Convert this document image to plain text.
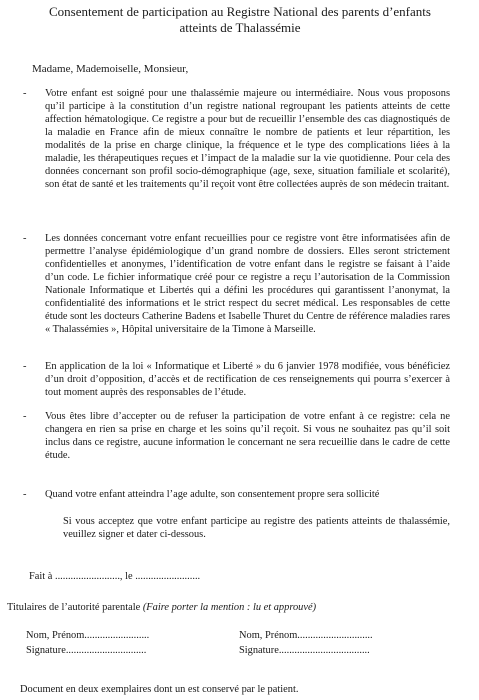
Consentement de participation au Registre National des parents d’enfants
atteints de Thalassémie
Madame, Mademoiselle, Monsieur,
- Votre enfant est soigné pour une thalassémie majeure ou intermédiaire. Nous vous proposons qu’il participe à la constitution d’un registre national regroupant les patients atteints de cette affection hématologique. Ce registre a pour but de recueillir l’ensemble des cas diagnostiqués de la maladie en France afin de mieux connaître le nombre de patients et leur répartition, les modalités de la prise en charge clinique, la fréquence et le type des complications liées à la maladie, les thérapeutiques reçues et l’impact de la maladie sur la vie quotidienne. Pour cela des données concernant son profil socio-démographique (age, sexe, situation familiale et scolarité), son état de santé et les traitements qu’il reçoit vont être collectées auprès de son médecin traitant.

- Les données concernant votre enfant recueillies pour ce registre vont être informatisées afin de permettre l’analyse épidémiologique d’un grand nombre de dossiers. Elles seront strictement confidentielles et anonymes, l’identification de votre enfant dans le registre se faisant à l’aide d’un code. Le fichier informatique créé pour ce registre a reçu l’autorisation de la Commission Nationale Informatique et Libertés qui a défini les procédures qui garantissent l’anonymat, la confidentialité des informations et le strict respect du secret médical. Les responsables de cette étude sont les docteurs Catherine Badens et Isabelle Thuret du Centre de référence maladies rares « Thalassémies », Hôpital universitaire de la Timone à Marseille.

- En application de la loi « Informatique et Liberté » du 6 janvier 1978 modifiée, vous bénéficiez d’un droit d’opposition, d’accès et de rectification de ces renseignements qui pourra s’exercer à tout moment auprès des responsables de l’étude.

- Vous êtes libre d’accepter ou de refuser la participation de votre enfant à ce registre: cela ne changera en rien sa prise en charge et les soins qu’il reçoit. Si vous ne souhaitez pas qu’il soit inclus dans ce registre, aucune information le concernant ne sera recueillie dans le cadre de cette étude.

- Quand votre enfant atteindra l’age adulte, son consentement propre sera sollicité

Si vous acceptez que votre enfant participe au registre des patients atteints de thalassémie, veuillez signer et dater ci-dessous.
Fait à ........................., le .........................
Titulaires de l’autorité parentale (Faire porter la mention : lu et approuvé)
Nom, Prénom.........................
Signature...............................
Nom, Prénom.............................
Signature...................................
Document en deux exemplaires dont un est conservé par le patient.
